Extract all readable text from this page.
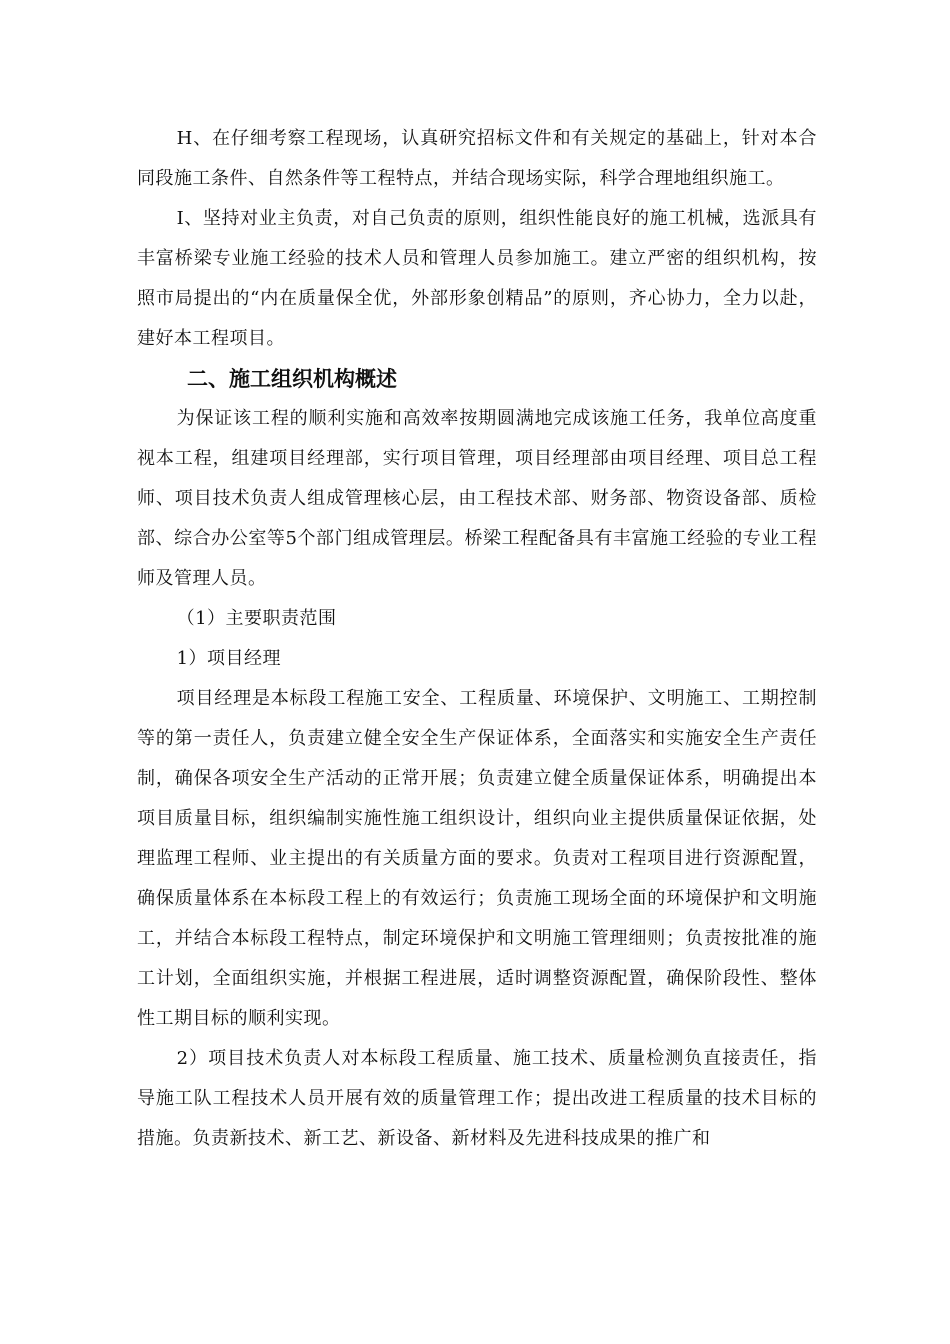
H、在仔细考察工程现场，认真研究招标文件和有关规定的基础上，针对本合同段施工条件、自然条件等工程特点，并结合现场实际，科学合理地组织施工。

I、坚持对业主负责，对自己负责的原则，组织性能良好的施工机械，选派具有丰富桥梁专业施工经验的技术人员和管理人员参加施工。建立严密的组织机构，按照市局提出的“内在质量保全优，外部形象创精品”的原则，齐心协力，全力以赴，建好本工程项目。

二、施工组织机构概述

为保证该工程的顺利实施和高效率按期圆满地完成该施工任务，我单位高度重视本工程，组建项目经理部，实行项目管理，项目经理部由项目经理、项目总工程师、项目技术负责人组成管理核心层，由工程技术部、财务部、物资设备部、质检部、综合办公室等5个部门组成管理层。桥梁工程配备具有丰富施工经验的专业工程师及管理人员。

（1）主要职责范围

1）项目经理

项目经理是本标段工程施工安全、工程质量、环境保护、文明施工、工期控制等的第一责任人，负责建立健全安全生产保证体系，全面落实和实施安全生产责任制，确保各项安全生产活动的正常开展；负责建立健全质量保证体系，明确提出本项目质量目标，组织编制实施性施工组织设计，组织向业主提供质量保证依据，处理监理工程师、业主提出的有关质量方面的要求。负责对工程项目进行资源配置，确保质量体系在本标段工程上的有效运行；负责施工现场全面的环境保护和文明施工，并结合本标段工程特点，制定环境保护和文明施工管理细则；负责按批准的施工计划，全面组织实施，并根据工程进展，适时调整资源配置，确保阶段性、整体性工期目标的顺利实现。

2）项目技术负责人对本标段工程质量、施工技术、质量检测负直接责任，指导施工队工程技术人员开展有效的质量管理工作；提出改进工程质量的技术目标的措施。负责新技术、新工艺、新设备、新材料及先进科技成果的推广和
